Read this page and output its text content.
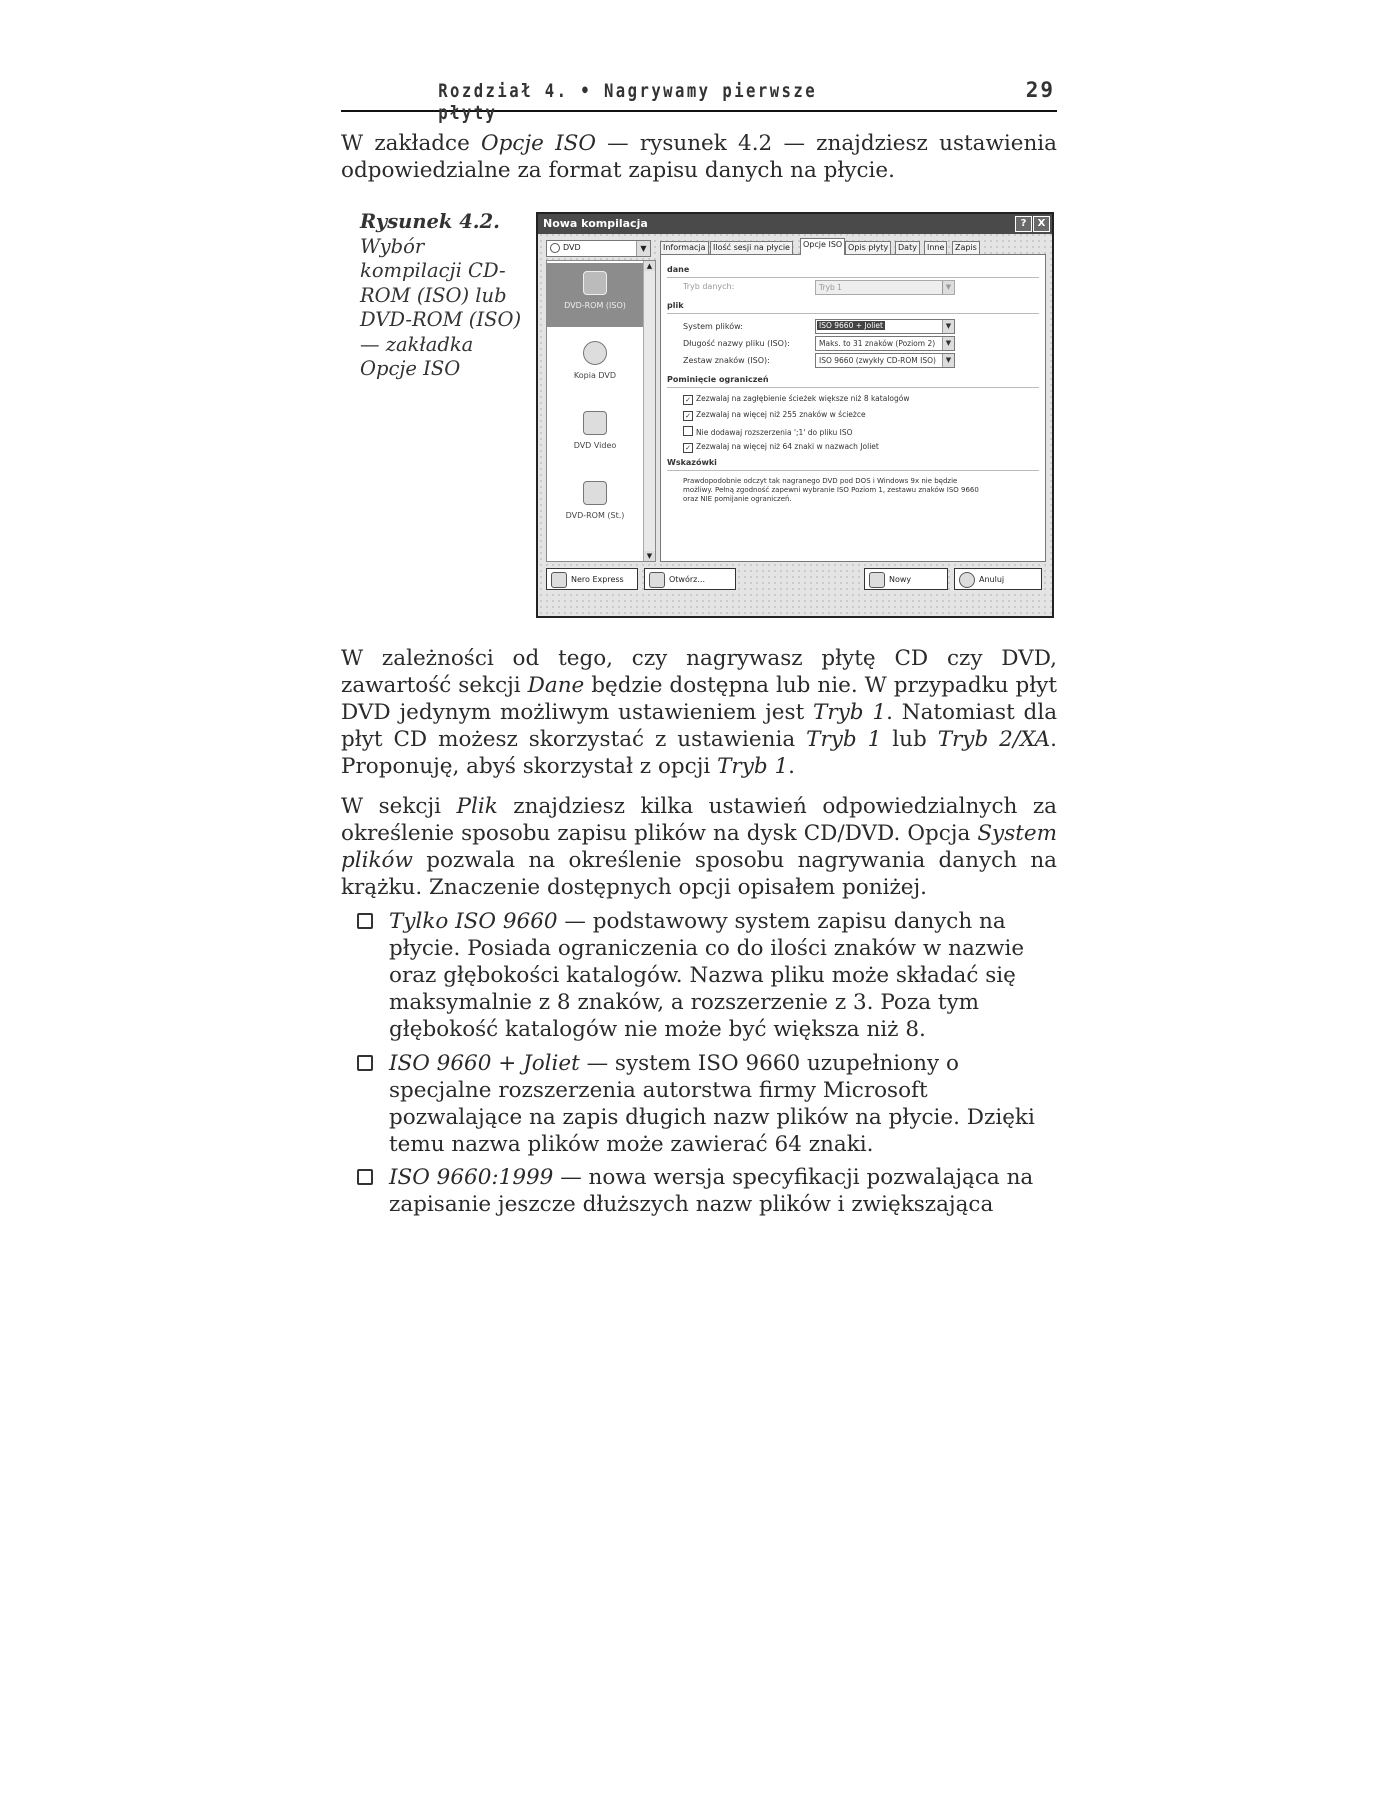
Rozdział 4. • Nagrywamy pierwsze płyty
29

W zakładce Opcje ISO — rysunek 4.2 — znajdziesz ustawienia odpowiedzialne za format zapisu danych na płycie.

Rysunek 4.2.
Wybór kompilacji CD-ROM (ISO) lub DVD-ROM (ISO) — zakładka Opcje ISO
Nowa kompilacja	?	X
DVD	▼
DVD-ROM (ISO)
Kopia DVD
DVD Video
DVD-ROM (St.)
▲
▼
Informacja Ilość sesji na płycie	Opcje ISO Opis płyty	Daty	Inne	Zapis
dane
Tryb danych:	Tryb 1	▼
plik
System plików:	ISO 9660 + Joliet	▼
Długość nazwy pliku (ISO):	Maks. to 31 znaków (Poziom 2)	▼
Zestaw znaków (ISO):	ISO 9660 (zwykły CD-ROM ISO)	▼
Pominięcie ograniczeń
✓ Zezwalaj na zagłębienie ścieżek większe niż 8 katalogów
✓ Zezwalaj na więcej niż 255 znaków w ścieżce
Nie dodawaj rozszerzenia ';1' do pliku ISO
✓ Zezwalaj na więcej niż 64 znaki w nazwach Joliet
Wskazówki
Prawdopodobnie odczyt tak nagranego DVD pod DOS i Windows 9x nie będzie możliwy. Pełną zgodność zapewni wybranie ISO Poziom 1, zestawu znaków ISO 9660 oraz NIE pomijanie ograniczeń.
Nero Express	Otwórz...	Nowy	Anuluj

W zależności od tego, czy nagrywasz płytę CD czy DVD, zawartość sekcji Dane będzie dostępna lub nie. W przypadku płyt DVD jedynym możliwym ustawieniem jest Tryb 1. Natomiast dla płyt CD możesz skorzystać z ustawienia Tryb 1 lub Tryb 2/XA. Proponuję, abyś skorzystał z opcji Tryb 1.

W sekcji Plik znajdziesz kilka ustawień odpowiedzialnych za określenie sposobu zapisu plików na dysk CD/DVD. Opcja System plików pozwala na określenie sposobu nagrywania danych na krążku. Znaczenie dostępnych opcji opisałem poniżej.

Tylko ISO 9660 — podstawowy system zapisu danych na płycie. Posiada ograniczenia co do ilości znaków w nazwie oraz głębokości katalogów. Nazwa pliku może składać się maksymalnie z 8 znaków, a rozszerzenie z 3. Poza tym głębokość katalogów nie może być większa niż 8.
ISO 9660 + Joliet — system ISO 9660 uzupełniony o specjalne rozszerzenia autorstwa firmy Microsoft pozwalające na zapis długich nazw plików na płycie. Dzięki temu nazwa plików może zawierać 64 znaki.
ISO 9660:1999 — nowa wersja specyfikacji pozwalająca na zapisanie jeszcze dłuższych nazw plików i zwiększająca
